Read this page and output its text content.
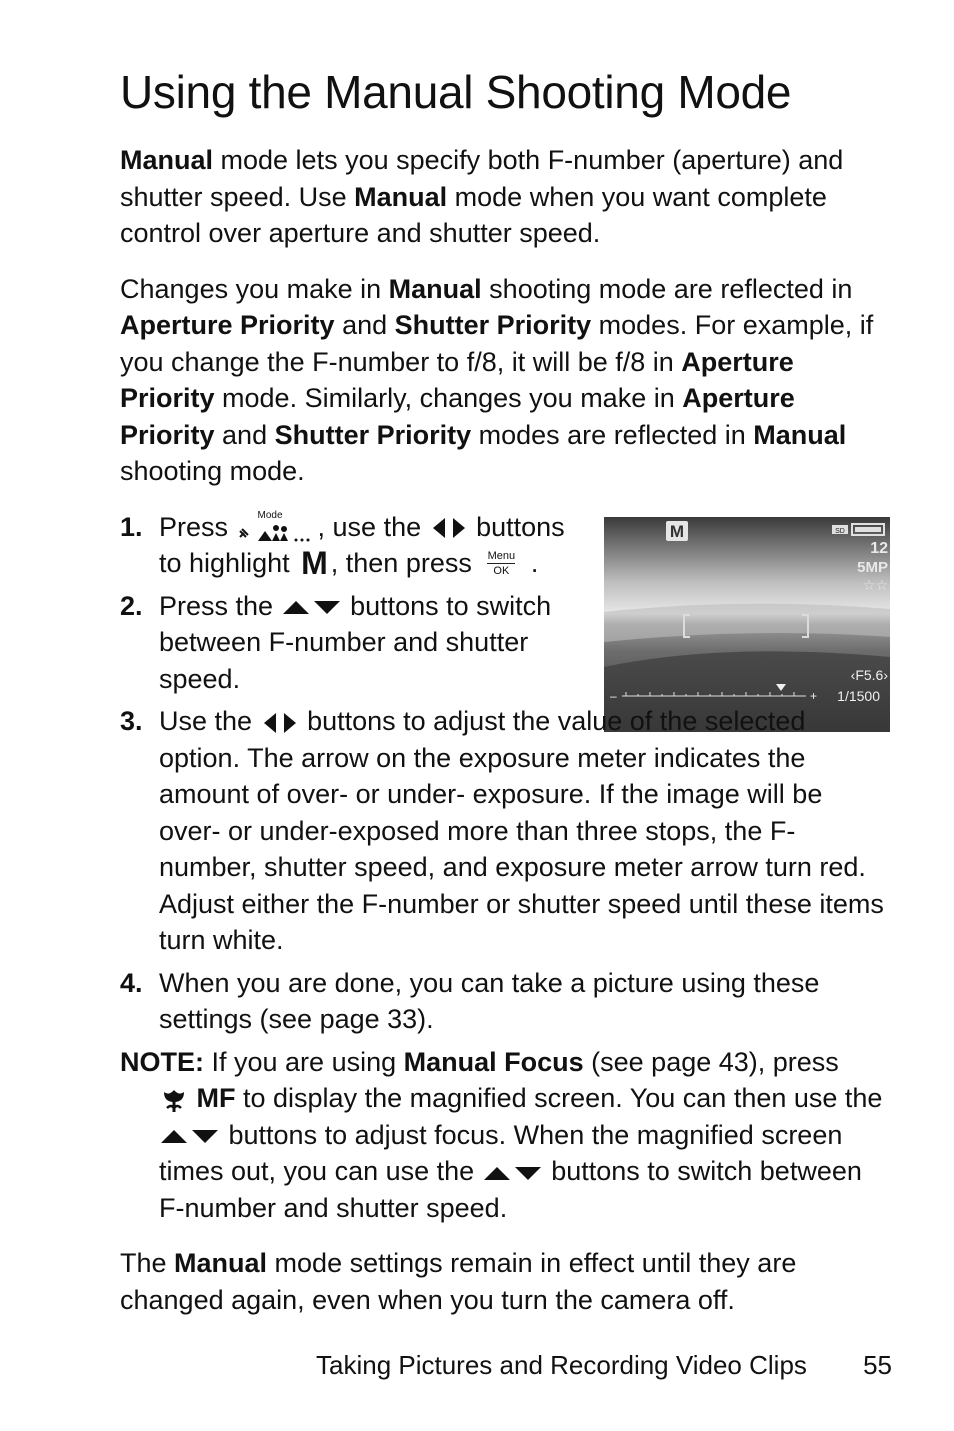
Using the Manual Shooting Mode

Manual mode lets you specify both F-number (aperture) and shutter speed. Use Manual mode when you want complete control over aperture and shutter speed.

Changes you make in Manual shooting mode are reflected in Aperture Priority and Shutter Priority modes. For example, if you change the F-number to f/8, it will be f/8 in Aperture Priority mode. Similarly, changes you make in Aperture Priority and Shutter Priority modes are reflected in Manual shooting mode.

M	SD
12
5MP
☆☆
‹F5.6›
1/1500
–	+
1. Press Mode , use the  buttons to highlight M , then press Menu
OK .
2. Press the  buttons to switch between F-number and shutter speed.
3. Use the  buttons to adjust the value of the selected option. The arrow on the exposure meter indicates the amount of over- or under- exposure. If the image will be over- or under-exposed more than three stops, the F-number, shutter speed, and exposure meter arrow turn red. Adjust either the F-number or shutter speed until these items turn white.
4. When you are done, you can take a picture using these settings (see page 33).
NOTE: If you are using Manual Focus (see page 43), press
MF to display the magnified screen. You can then use the  buttons to adjust focus. When the magnified screen times out, you can use the  buttons to switch between F-number and shutter speed.

The Manual mode settings remain in effect until they are changed again, even when you turn the camera off.

Taking Pictures and Recording Video Clips 55
